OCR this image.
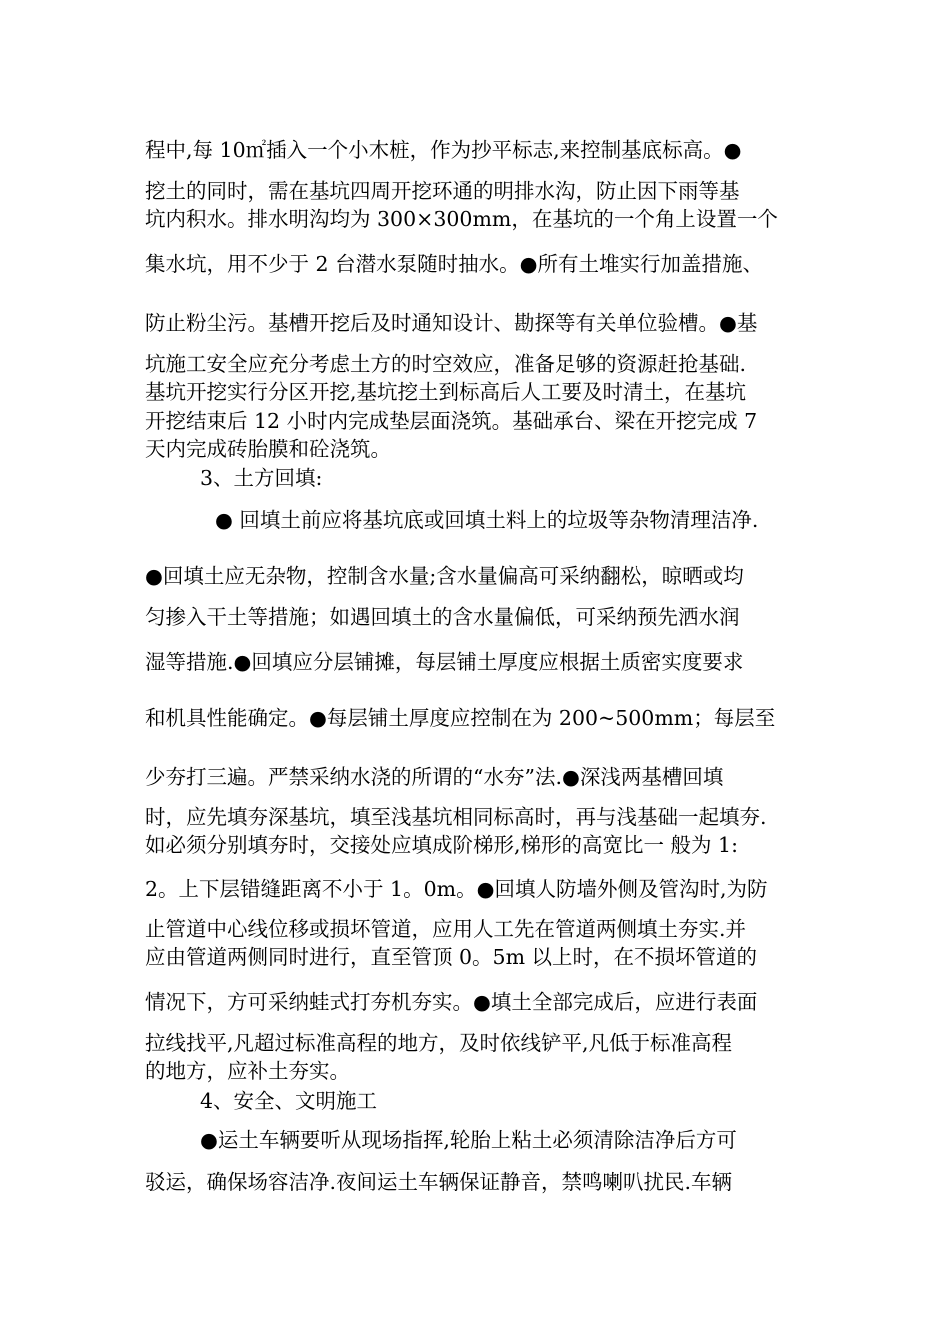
程中,每 10㎡插入一个小木桩，作为抄平标志,来控制基底标高。●
挖土的同时，需在基坑四周开挖环通的明排水沟，防止因下雨等基
坑内积水。排水明沟均为 300×300mm，在基坑的一个角上设置一个
集水坑，用不少于 2 台潜水泵随时抽水。●所有土堆实行加盖措施、
防止粉尘污。基槽开挖后及时通知设计、勘探等有关单位验槽。●基
坑施工安全应充分考虑土方的时空效应，准备足够的资源赶抢基础.
基坑开挖实行分区开挖,基坑挖土到标高后人工要及时清土，在基坑
开挖结束后 12 小时内完成垫层面浇筑。基础承台、梁在开挖完成 7
天内完成砖胎膜和砼浇筑。
3、土方回填:
● 回填土前应将基坑底或回填土料上的垃圾等杂物清理洁净.
●回填土应无杂物，控制含水量;含水量偏高可采纳翻松，晾晒或均
匀掺入干土等措施；如遇回填土的含水量偏低，可采纳预先洒水润
湿等措施.●回填应分层铺摊，每层铺土厚度应根据土质密实度要求
和机具性能确定。●每层铺土厚度应控制在为 200~500mm；每层至
少夯打三遍。严禁采纳水浇的所谓的“水夯”法.●深浅两基槽回填
时，应先填夯深基坑，填至浅基坑相同标高时，再与浅基础一起填夯.
如必须分别填夯时，交接处应填成阶梯形,梯形的高宽比一 般为 1:
2。上下层错缝距离不小于 1。0m。●回填人防墙外侧及管沟时,为防
止管道中心线位移或损坏管道，应用人工先在管道两侧填土夯实.并
应由管道两侧同时进行，直至管顶 0。5m 以上时，在不损坏管道的
情况下，方可采纳蛙式打夯机夯实。●填土全部完成后，应进行表面
拉线找平,凡超过标准高程的地方，及时依线铲平,凡低于标准高程
的地方，应补土夯实。
4、安全、文明施工
●运土车辆要听从现场指挥,轮胎上粘土必须清除洁净后方可
驳运，确保场容洁净.夜间运土车辆保证静音，禁鸣喇叭扰民.车辆
